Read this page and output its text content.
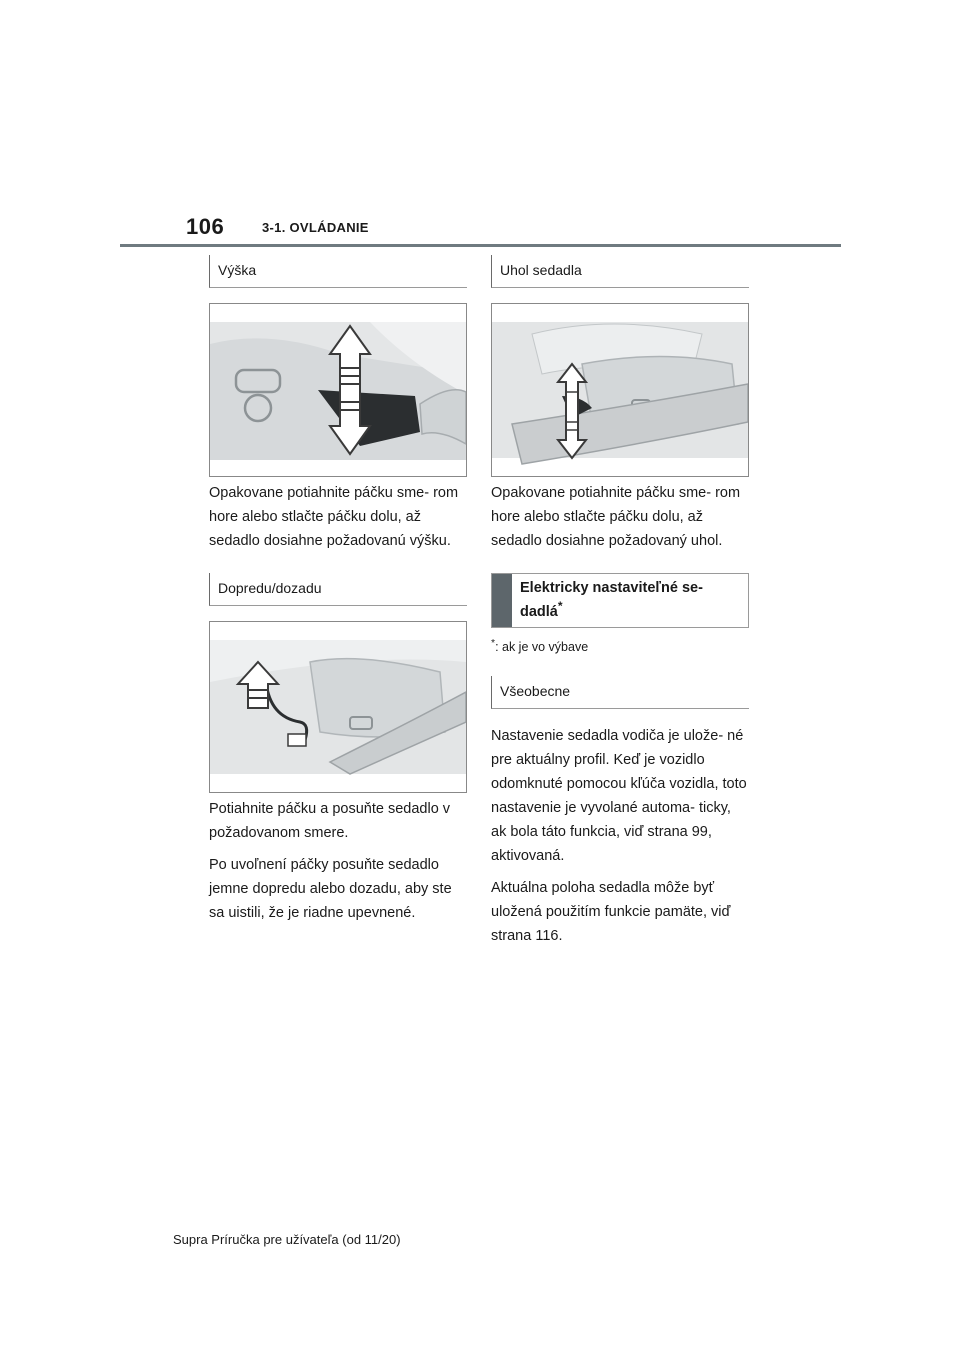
106	3-1. OVLÁDANIE
Výška

Opakovane potiahnite páčku sme- rom hore alebo stlačte páčku dolu, až sedadlo dosiahne požadovanú výšku.

Dopredu/dozadu

Potiahnite páčku a posuňte sedadlo v požadovanom smere.

Po uvoľnení páčky posuňte sedadlo jemne dopredu alebo dozadu, aby ste sa uistili, že je riadne upevnené.

Uhol sedadla

Opakovane potiahnite páčku sme- rom hore alebo stlačte páčku dolu, až sedadlo dosiahne požadovaný uhol.

Elektricky nastaviteľné se- dadlá*

*: ak je vo výbave

Všeobecne

Nastavenie sedadla vodiča je ulože- né pre aktuálny profil. Keď je vozidlo odomknuté pomocou kľúča vozidla, toto nastavenie je vyvolané automa- ticky, ak bola táto funkcia, viď strana 99, aktivovaná.

Aktuálna poloha sedadla môže byť uložená použitím funkcie pamäte, viď strana 116.

Supra Príručka pre užívateľa (od 11/20)
